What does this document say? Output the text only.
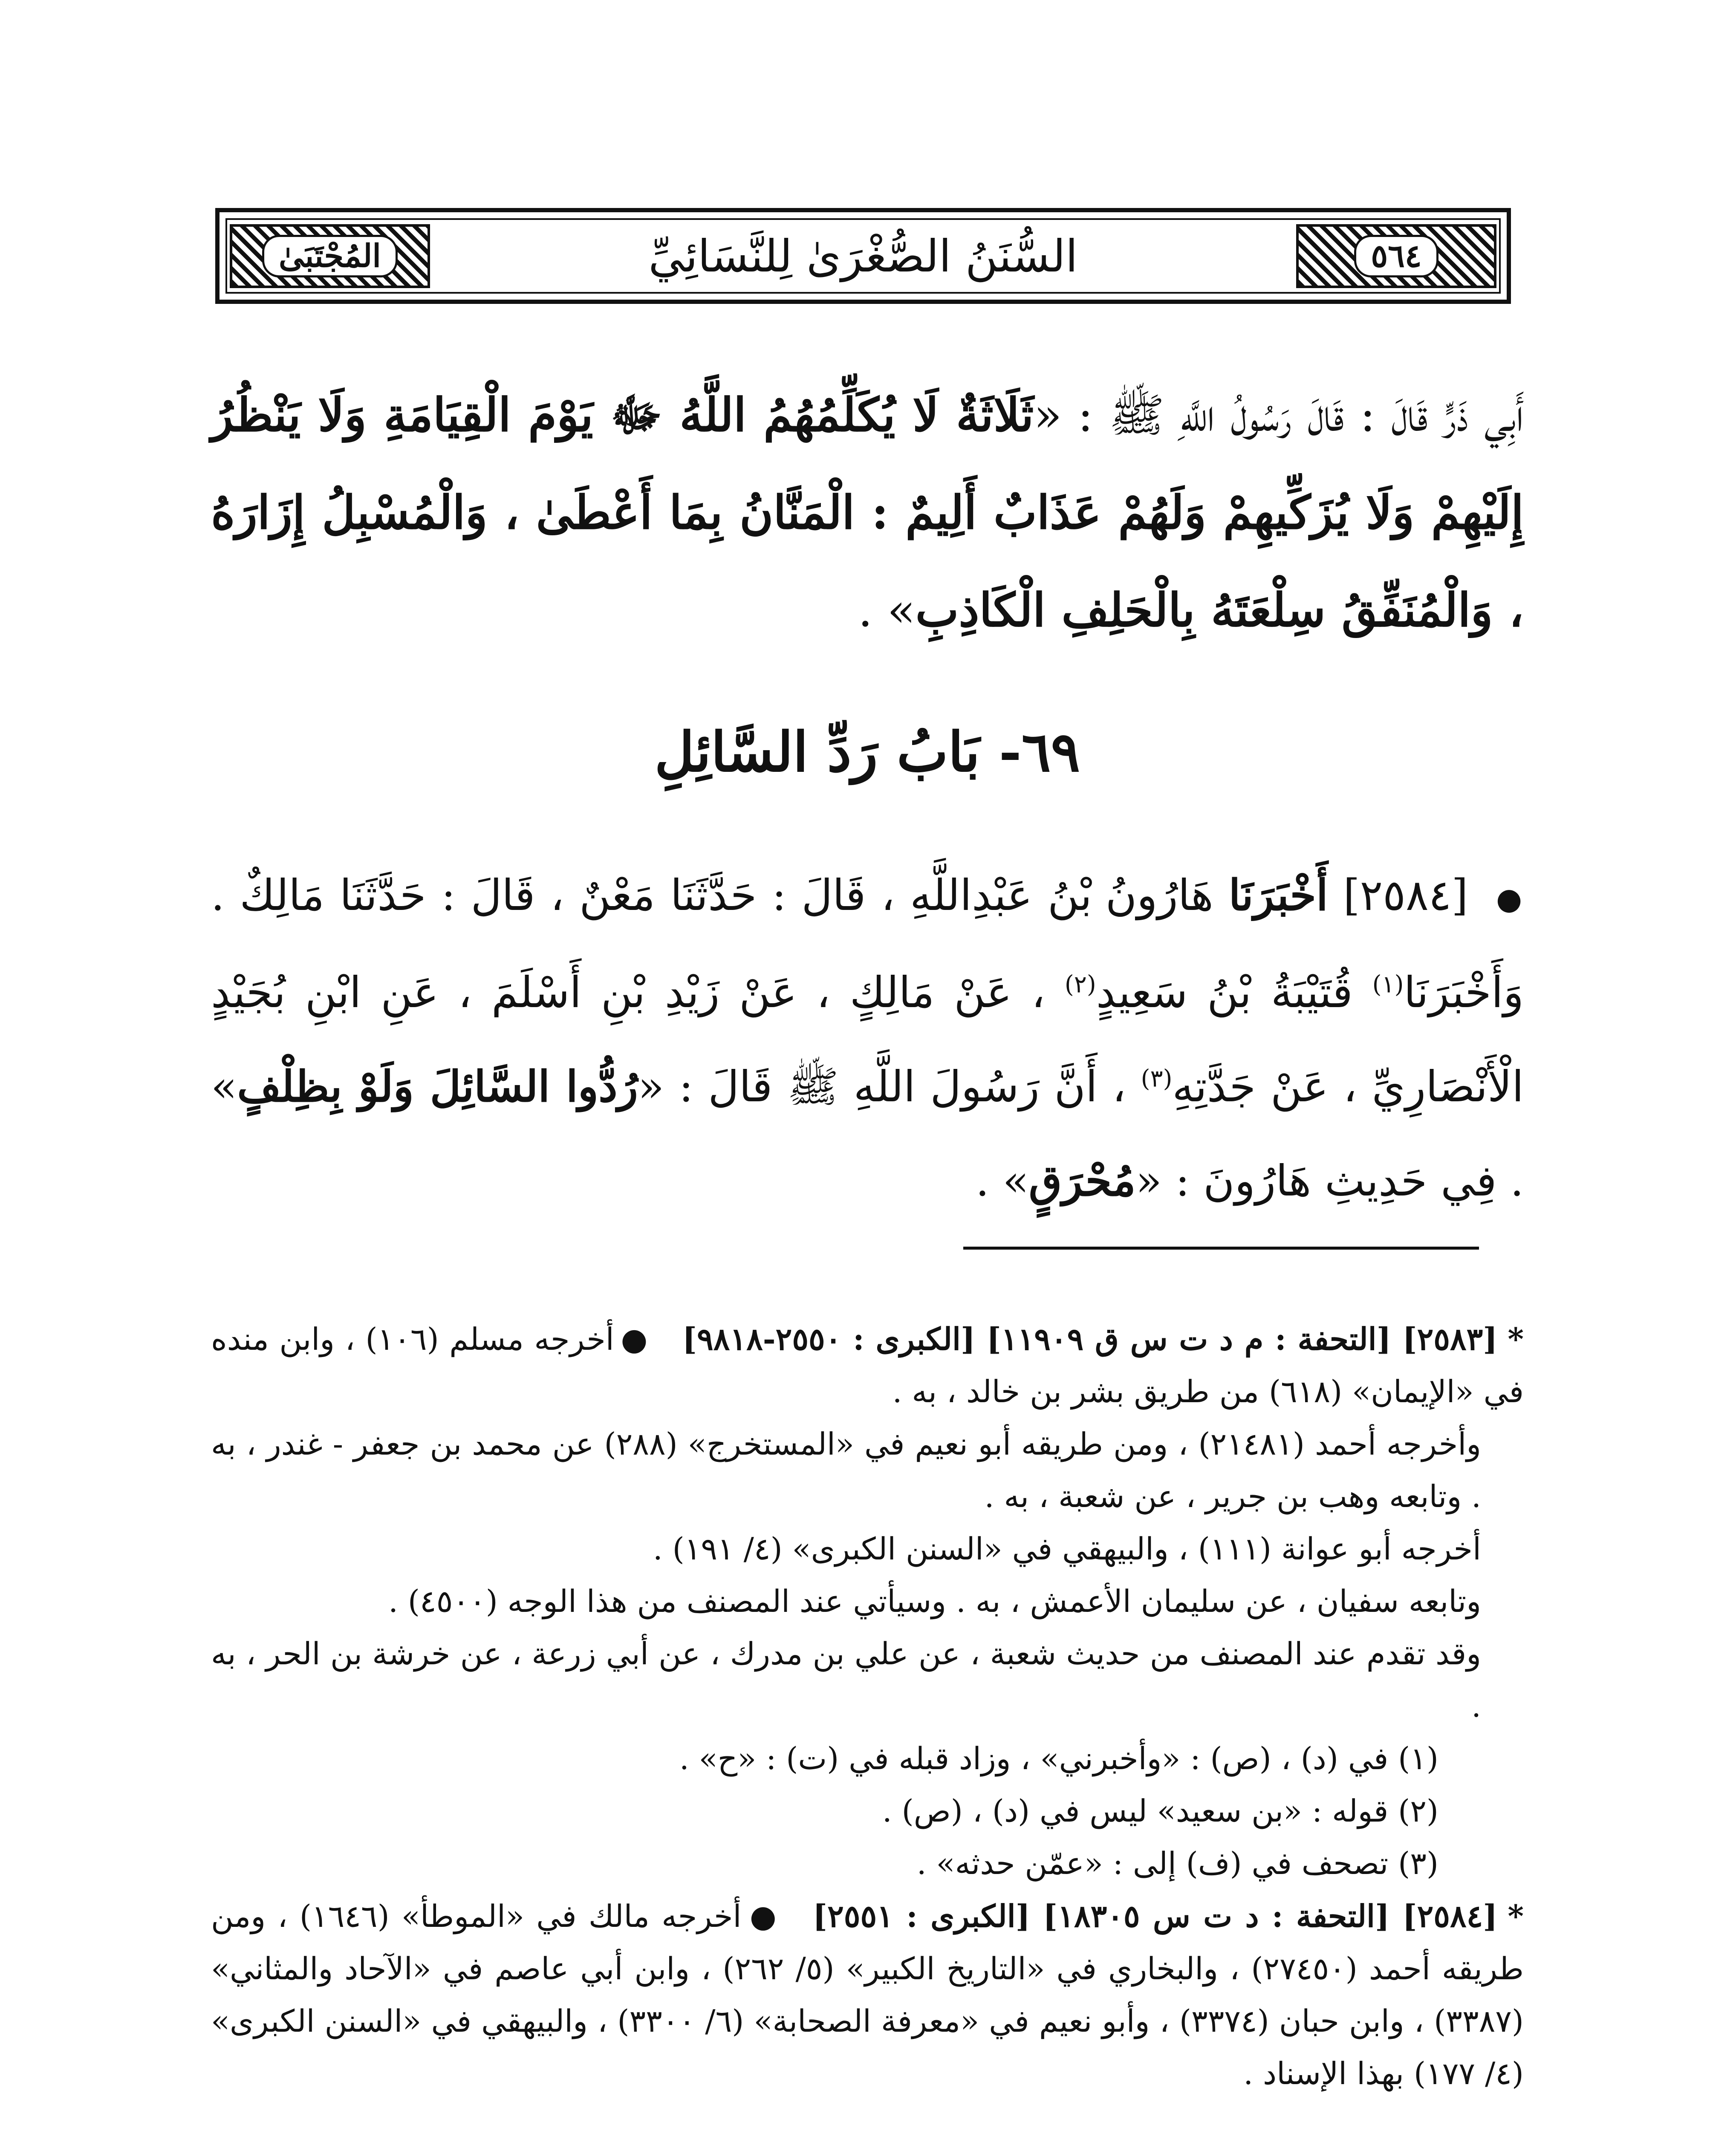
٥٦٤
السُّنَنُ الصُّغْرَىٰ لِلنَّسَائِيِّ
المُجْتَبَىٰ
أَبِي ذَرٍّ قَالَ : قَالَ رَسُولُ اللَّهِ ﷺ : «ثَلَاثَةٌ لَا يُكَلِّمُهُمُ اللَّهُ ﷻ يَوْمَ الْقِيَامَةِ وَلَا يَنْظُرُ إِلَيْهِمْ وَلَا يُزَكِّيهِمْ وَلَهُمْ عَذَابٌ أَلِيمٌ : الْمَنَّانُ بِمَا أَعْطَىٰ ، وَالْمُسْبِلُ إِزَارَهُ ، وَالْمُنَفِّقُ سِلْعَتَهُ بِالْحَلِفِ الْكَاذِبِ» .
٦٩- بَابُ رَدِّ السَّائِلِ
● [٢٥٨٤] أَخْبَرَنَا هَارُونُ بْنُ عَبْدِاللَّهِ ، قَالَ : حَدَّثَنَا مَعْنٌ ، قَالَ : حَدَّثَنَا مَالِكٌ . وَأَخْبَرَنَا$^{(١)}$ قُتَيْبَةُ بْنُ سَعِيدٍ$^{(٢)}$ ، عَنْ مَالِكٍ ، عَنْ زَيْدِ بْنِ أَسْلَمَ ، عَنِ ابْنِ بُجَيْدٍ الْأَنْصَارِيِّ ، عَنْ جَدَّتِهِ$^{(٣)}$ ، أَنَّ رَسُولَ اللَّهِ ﷺ قَالَ : «رُدُّوا السَّائِلَ وَلَوْ بِظِلْفٍ» . فِي حَدِيثِ هَارُونَ : «مُحْرَقٍ» .

*[٢٥٨٣] [التحفة : م د ت س ق ١١٩٠٩] [الكبرى : ٢٥٥٠-٩٨١٨]●أخرجه مسلم (١٠٦) ، وابن منده في «الإيمان» (٦١٨) من طريق بشر بن خالد ، به .

وأخرجه أحمد (٢١٤٨١) ، ومن طريقه أبو نعيم في «المستخرج» (٢٨٨) عن محمد بن جعفر - غندر ، به . وتابعه وهب بن جرير ، عن شعبة ، به .

أخرجه أبو عوانة (١١١) ، والبيهقي في «السنن الكبرى» (٤/ ١٩١) .

وتابعه سفيان ، عن سليمان الأعمش ، به . وسيأتي عند المصنف من هذا الوجه (٤٥٠٠) .

وقد تقدم عند المصنف من حديث شعبة ، عن علي بن مدرك ، عن أبي زرعة ، عن خرشة بن الحر ، به .

(١) في (د) ، (ص) : «وأخبرني» ، وزاد قبله في (ت) : «ح» .

(٢) قوله : «بن سعيد» ليس في (د) ، (ص) .

(٣) تصحف في (ف) إلى : «عمّن حدثه» .

*[٢٥٨٤] [التحفة : د ت س ١٨٣٠٥] [الكبرى : ٢٥٥١]●أخرجه مالك في «الموطأ» (١٦٤٦) ، ومن طريقه أحمد (٢٧٤٥٠) ، والبخاري في «التاريخ الكبير» (٥/ ٢٦٢) ، وابن أبي عاصم في «الآحاد والمثاني» (٣٣٨٧) ، وابن حبان (٣٣٧٤) ، وأبو نعيم في «معرفة الصحابة» (٦/ ٣٣٠٠) ، والبيهقي في «السنن الكبرى» (٤/ ١٧٧) بهذا الإسناد .
